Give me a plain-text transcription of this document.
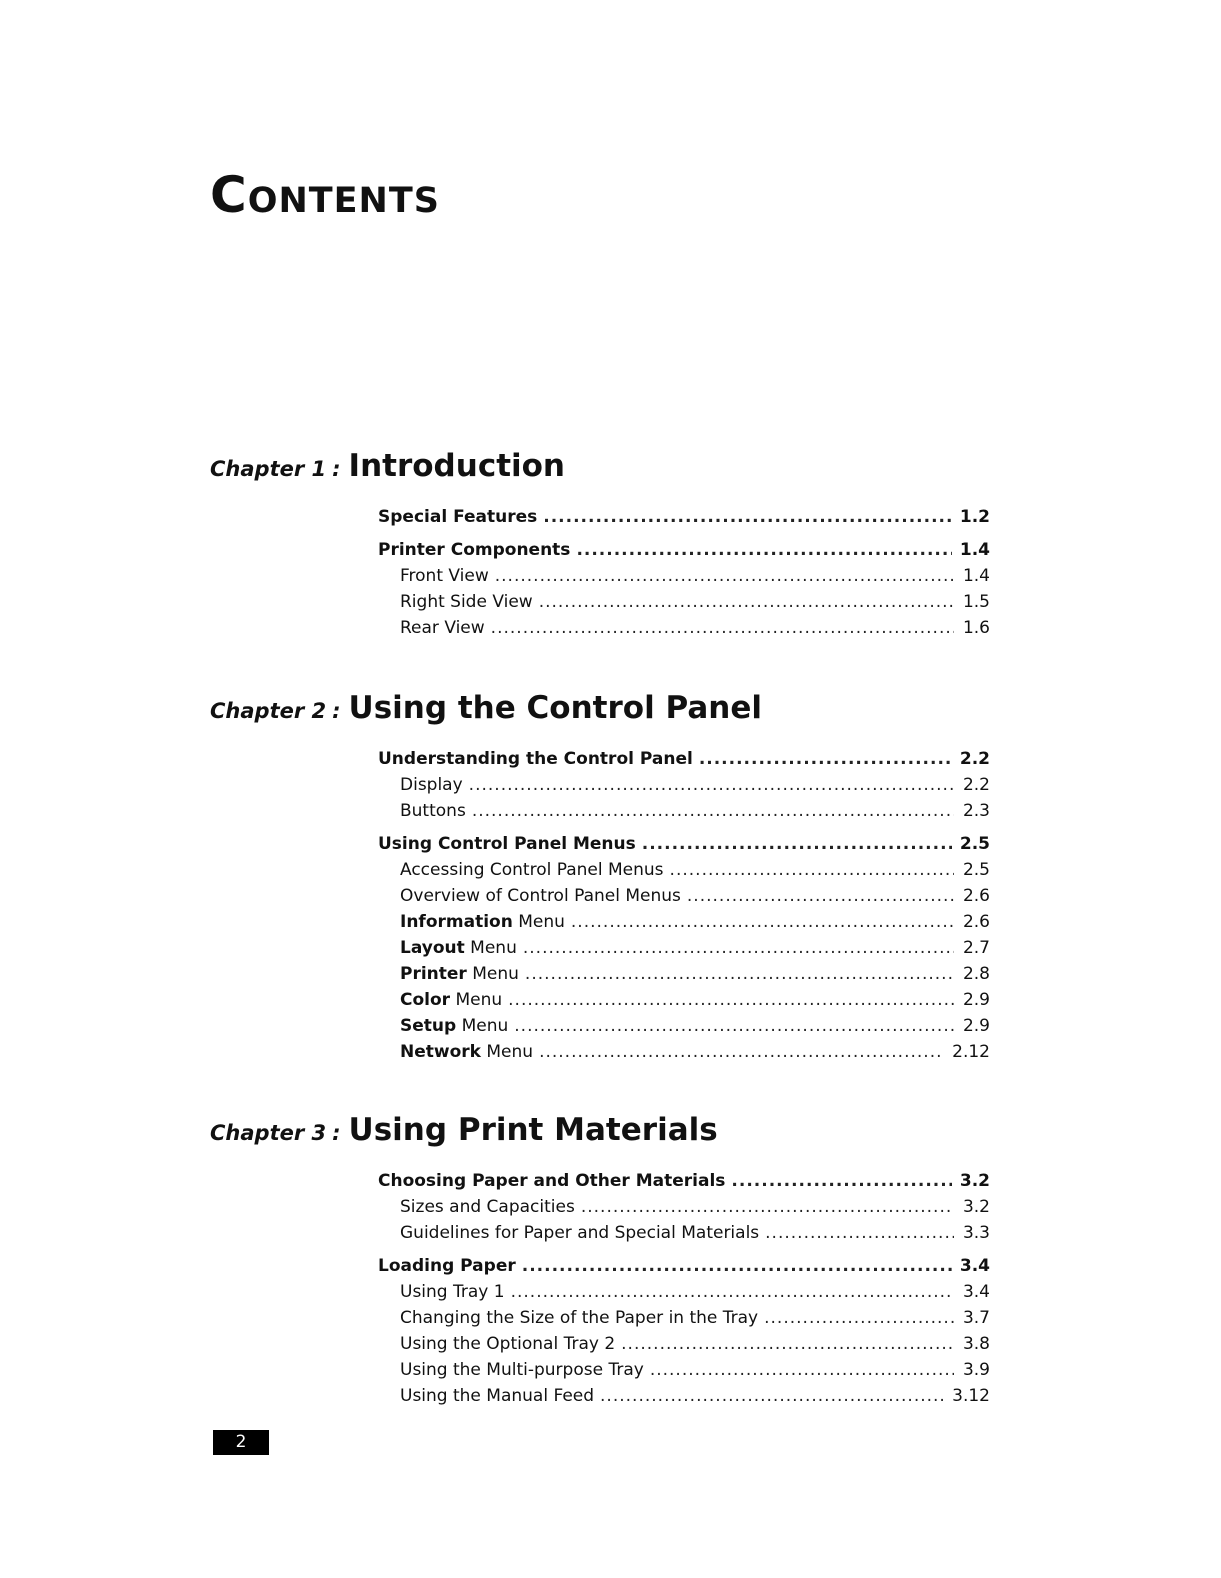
Contents
Chapter 1 : Introduction
Special Features .....	1.2
Printer Components .....	1.4
Front View .....	1.4
Right Side View .....	1.5
Rear View .....	1.6
Chapter 2 : Using the Control Panel
Understanding the Control Panel .....	2.2
Display .....	2.2
Buttons .....	2.3
Using Control Panel Menus .....	2.5
Accessing Control Panel Menus .....	2.5
Overview of Control Panel Menus .....	2.6
Information Menu .....	2.6
Layout Menu .....	2.7
Printer Menu .....	2.8
Color Menu .....	2.9
Setup Menu .....	2.9
Network Menu .....	2.12
Chapter 3 : Using Print Materials
Choosing Paper and Other Materials .....	3.2
Sizes and Capacities .....	3.2
Guidelines for Paper and Special Materials .....	3.3
Loading Paper .....	3.4
Using Tray 1 .....	3.4
Changing the Size of the Paper in the Tray .....	3.7
Using the Optional Tray 2 .....	3.8
Using the Multi-purpose Tray .....	3.9
Using the Manual Feed .....	3.12
2
